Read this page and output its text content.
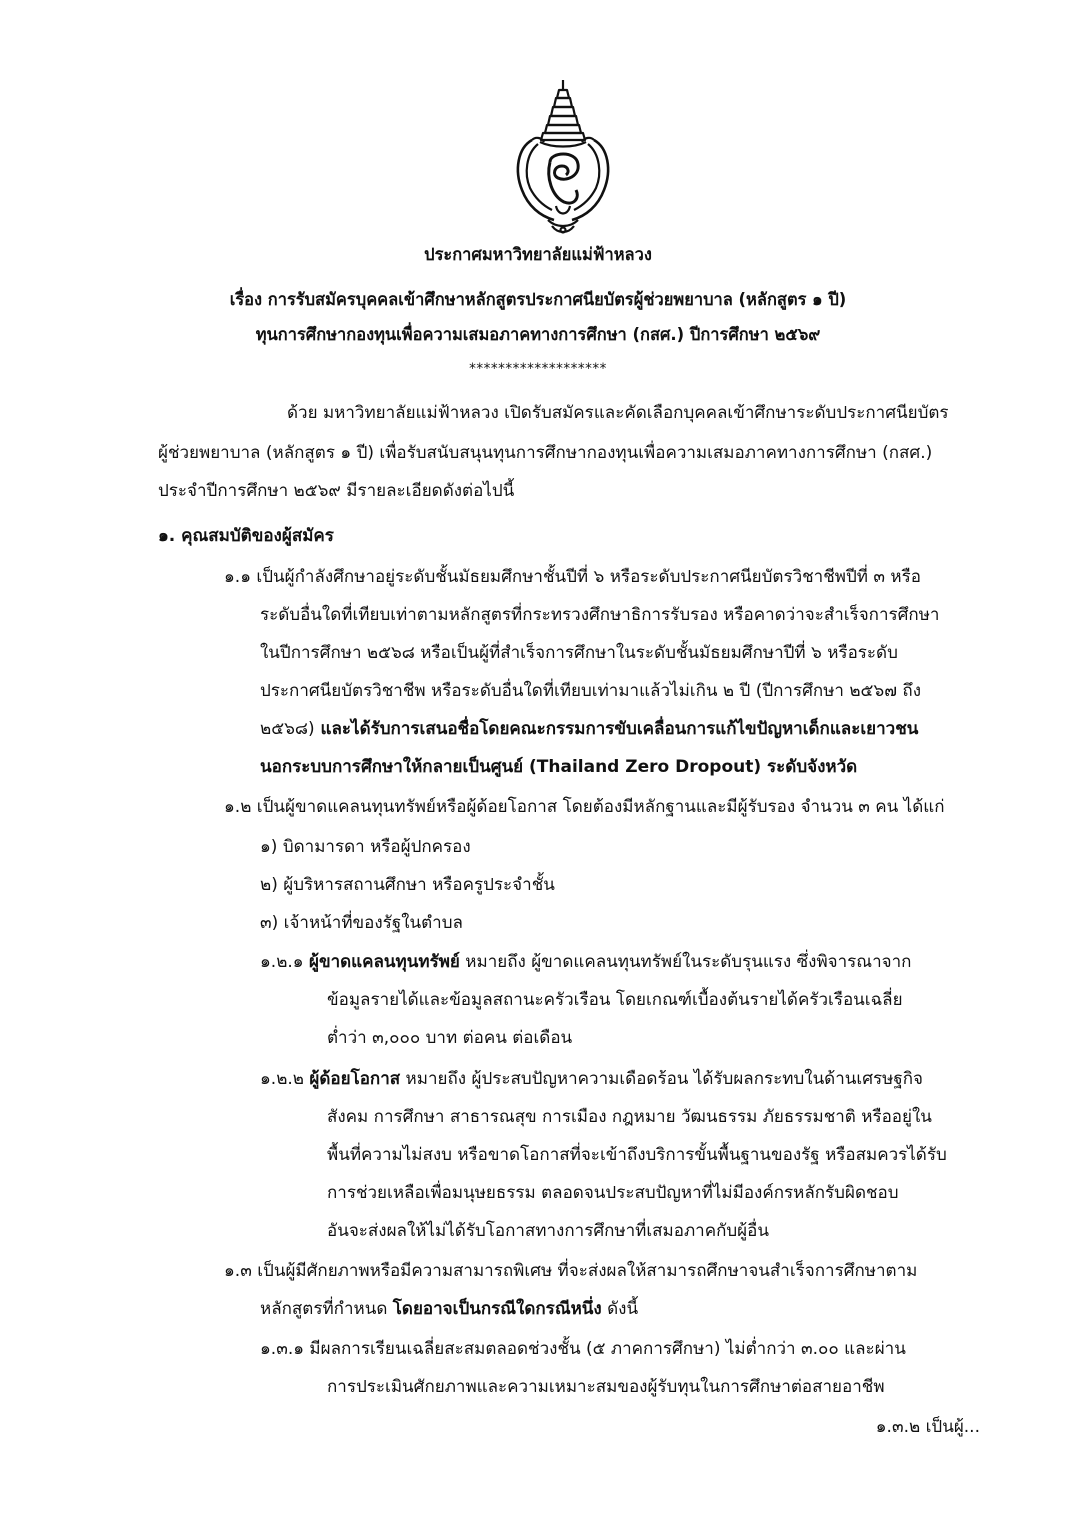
ประกาศมหาวิทยาลัยแม่ฟ้าหลวง
เรื่อง การรับสมัครบุคคลเข้าศึกษาหลักสูตรประกาศนียบัตรผู้ช่วยพยาบาล (หลักสูตร ๑ ปี)
ทุนการศึกษากองทุนเพื่อความเสมอภาคทางการศึกษา (กสศ.) ปีการศึกษา ๒๕๖๙
*******************
ด้วย มหาวิทยาลัยแม่ฟ้าหลวง เปิดรับสมัครและคัดเลือกบุคคลเข้าศึกษาระดับประกาศนียบัตร
ผู้ช่วยพยาบาล (หลักสูตร ๑ ปี) เพื่อรับสนับสนุนทุนการศึกษากองทุนเพื่อความเสมอภาคทางการศึกษา (กสศ.)
ประจำปีการศึกษา ๒๕๖๙ มีรายละเอียดดังต่อไปนี้
๑. คุณสมบัติของผู้สมัคร
๑.๑ เป็นผู้กำลังศึกษาอยู่ระดับชั้นมัธยมศึกษาชั้นปีที่ ๖ หรือระดับประกาศนียบัตรวิชาชีพปีที่ ๓ หรือ
ระดับอื่นใดที่เทียบเท่าตามหลักสูตรที่กระทรวงศึกษาธิการรับรอง หรือคาดว่าจะสำเร็จการศึกษา
ในปีการศึกษา ๒๕๖๘ หรือเป็นผู้ที่สำเร็จการศึกษาในระดับชั้นมัธยมศึกษาปีที่ ๖ หรือระดับ
ประกาศนียบัตรวิชาชีพ หรือระดับอื่นใดที่เทียบเท่ามาแล้วไม่เกิน ๒ ปี (ปีการศึกษา ๒๕๖๗ ถึง
๒๕๖๘) และได้รับการเสนอชื่อโดยคณะกรรมการขับเคลื่อนการแก้ไขปัญหาเด็กและเยาวชน
นอกระบบการศึกษาให้กลายเป็นศูนย์ (Thailand Zero Dropout) ระดับจังหวัด
๑.๒ เป็นผู้ขาดแคลนทุนทรัพย์หรือผู้ด้อยโอกาส โดยต้องมีหลักฐานและมีผู้รับรอง จำนวน ๓ คน ได้แก่
๑) บิดามารดา หรือผู้ปกครอง
๒) ผู้บริหารสถานศึกษา หรือครูประจำชั้น
๓) เจ้าหน้าที่ของรัฐในตำบล
๑.๒.๑ ผู้ขาดแคลนทุนทรัพย์ หมายถึง ผู้ขาดแคลนทุนทรัพย์ในระดับรุนแรง ซึ่งพิจารณาจาก
ข้อมูลรายได้และข้อมูลสถานะครัวเรือน โดยเกณฑ์เบื้องต้นรายได้ครัวเรือนเฉลี่ย
ต่ำว่า ๓,๐๐๐ บาท ต่อคน ต่อเดือน
๑.๒.๒ ผู้ด้อยโอกาส หมายถึง ผู้ประสบปัญหาความเดือดร้อน ได้รับผลกระทบในด้านเศรษฐกิจ
สังคม การศึกษา สาธารณสุข การเมือง กฎหมาย วัฒนธรรม ภัยธรรมชาติ หรืออยู่ใน
พื้นที่ความไม่สงบ หรือขาดโอกาสที่จะเข้าถึงบริการขั้นพื้นฐานของรัฐ หรือสมควรได้รับ
การช่วยเหลือเพื่อมนุษยธรรม ตลอดจนประสบปัญหาที่ไม่มีองค์กรหลักรับผิดชอบ
อันจะส่งผลให้ไม่ได้รับโอกาสทางการศึกษาที่เสมอภาคกับผู้อื่น
๑.๓ เป็นผู้มีศักยภาพหรือมีความสามารถพิเศษ ที่จะส่งผลให้สามารถศึกษาจนสำเร็จการศึกษาตาม
หลักสูตรที่กำหนด โดยอาจเป็นกรณีใดกรณีหนึ่ง ดังนี้
๑.๓.๑ มีผลการเรียนเฉลี่ยสะสมตลอดช่วงชั้น (๕ ภาคการศึกษา) ไม่ต่ำกว่า ๓.๐๐ และผ่าน
การประเมินศักยภาพและความเหมาะสมของผู้รับทุนในการศึกษาต่อสายอาชีพ
๑.๓.๒ เป็นผู้...
